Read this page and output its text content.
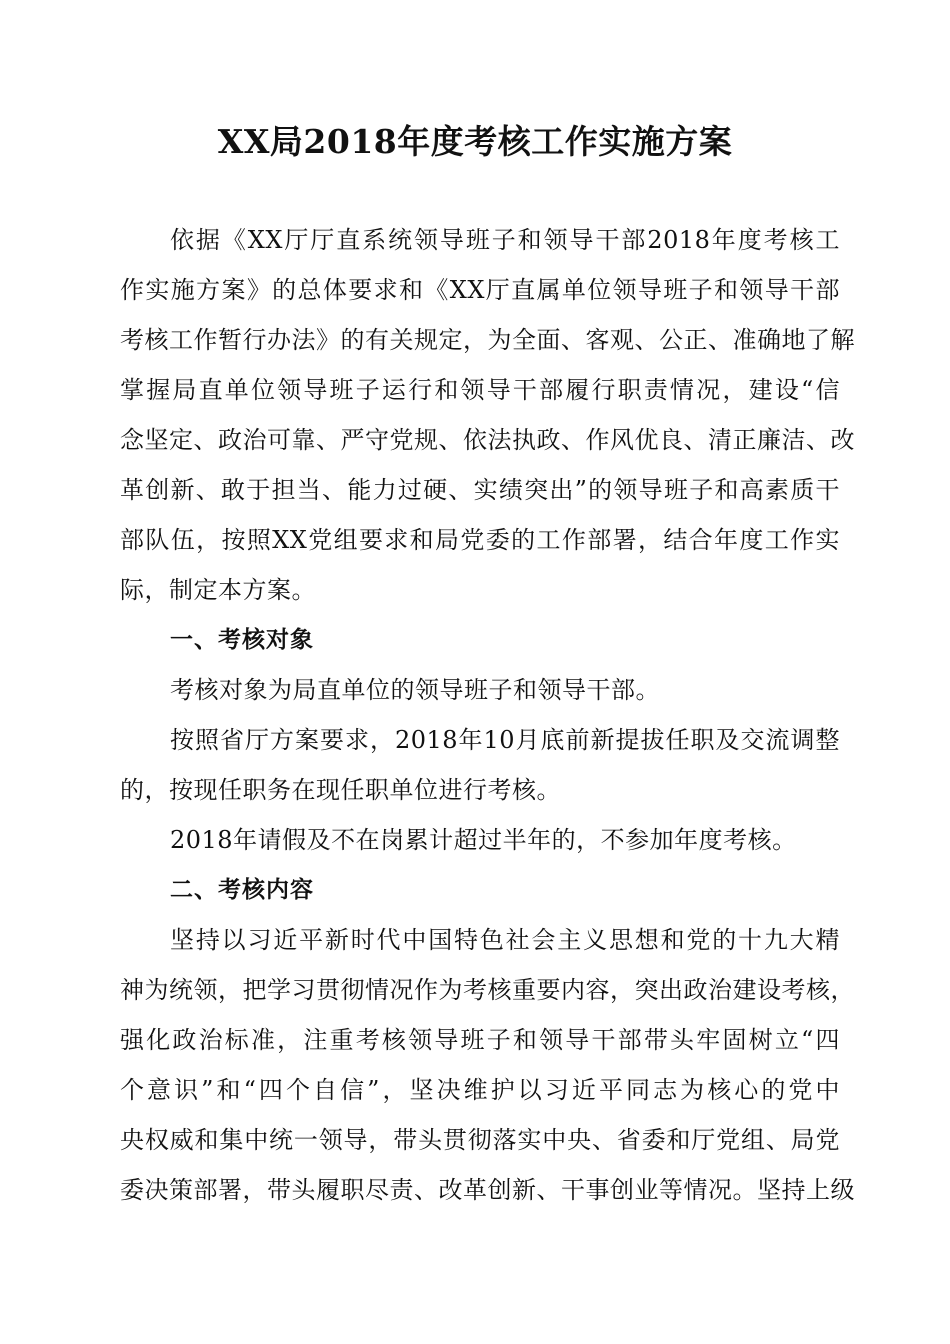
XX局2018年度考核工作实施方案

依据《XX厅厅直系统领导班子和领导干部2018年度考核工

作实施方案》的总体要求和《XX厅直属单位领导班子和领导干部

考核工作暂行办法》的有关规定，为全面、客观、公正、准确地了解

掌握局直单位领导班子运行和领导干部履行职责情况，建设“信

念坚定、政治可靠、严守党规、依法执政、作风优良、清正廉洁、改

革创新、敢于担当、能力过硬、实绩突出”的领导班子和高素质干

部队伍，按照XX党组要求和局党委的工作部署，结合年度工作实

际，制定本方案。

一、考核对象

考核对象为局直单位的领导班子和领导干部。

按照省厅方案要求，2018年10月底前新提拔任职及交流调整

的，按现任职务在现任职单位进行考核。

2018年请假及不在岗累计超过半年的，不参加年度考核。

二、考核内容

坚持以习近平新时代中国特色社会主义思想和党的十九大精

神为统领，把学习贯彻情况作为考核重要内容，突出政治建设考核，

强化政治标准，注重考核领导班子和领导干部带头牢固树立“四

个意识”和“四个自信”，坚决维护以习近平同志为核心的党中

央权威和集中统一领导，带头贯彻落实中央、省委和厅党组、局党

委决策部署，带头履职尽责、改革创新、干事创业等情况。坚持上级
